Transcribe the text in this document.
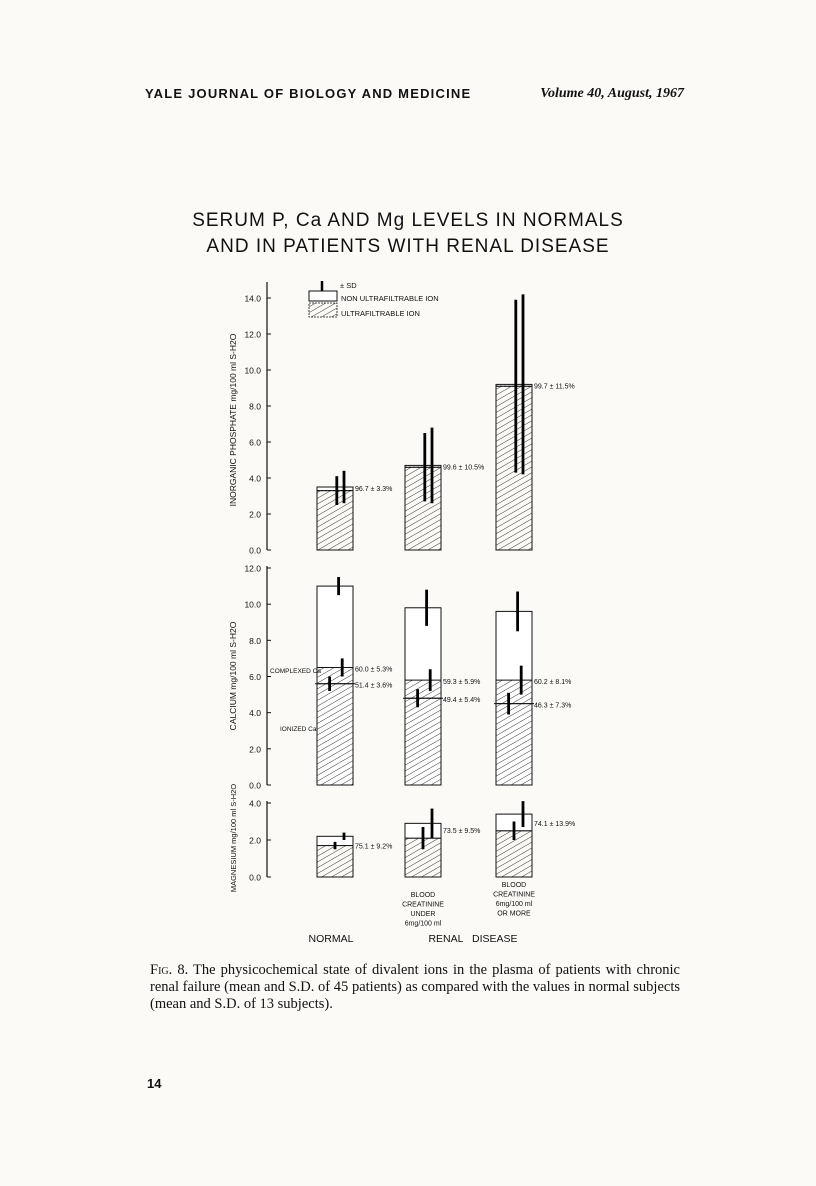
YALE JOURNAL OF BIOLOGY AND MEDICINE	Volume 40, August, 1967
SERUM P, Ca AND Mg LEVELS IN NORMALS
AND IN PATIENTS WITH RENAL DISEASE
0.0
2.0
4.0
6.0
8.0
10.0
12.0
14.0
96.7 ± 3.3%
99.6 ± 10.5%
99.7 ± 11.5%
± SD
NON ULTRAFILTRABLE ION
ULTRAFILTRABLE ION
INORGANIC PHOSPHATE mg/100 ml S-H2O
0.0
2.0
4.0
6.0
8.0
10.0
12.0
60.0 ± 5.3%
51.4 ± 3.6%
59.3 ± 5.9%
49.4 ± 5.4%
60.2 ± 8.1%
46.3 ± 7.3%
COMPLEXED Ca
IONIZED Ca
CALCIUM mg/100 ml S-H2O
0.0
2.0
4.0
75.1 ± 9.2%
73.5 ± 9.5%
74.1 ± 13.9%
MAGNESIUM mg/100 ml S-H2O
BLOOD
CREATININE
UNDER
6mg/100 ml
BLOOD
CREATININE
6mg/100 ml
OR MORE
NORMAL	RENAL DISEASE
Fig. 8. The physicochemical state of divalent ions in the plasma of patients with chronic renal failure (mean and S.D. of 45 patients) as compared with the values in normal subjects (mean and S.D. of 13 subjects).
14
